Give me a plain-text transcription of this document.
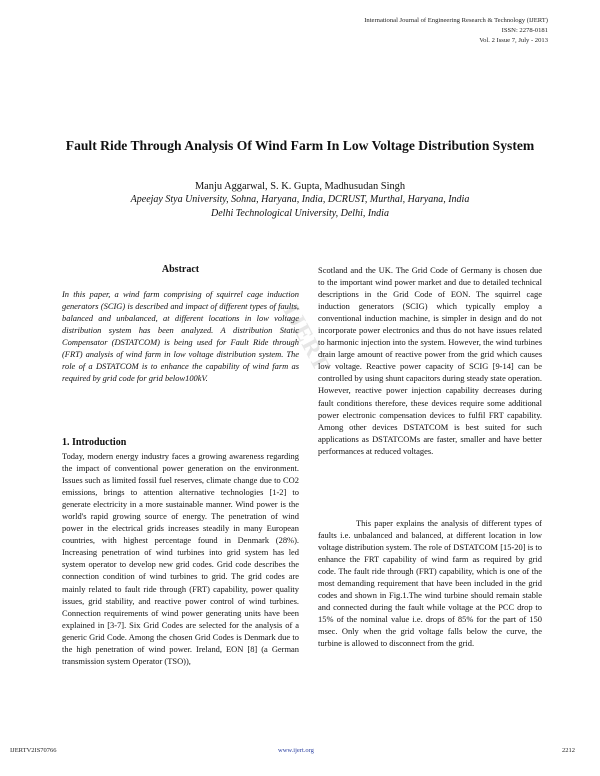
International Journal of Engineering Research & Technology (IJERT)
ISSN: 2278-0181
Vol. 2 Issue 7, July - 2013
IJERT
Fault Ride Through Analysis Of Wind Farm In Low Voltage Distribution System
Manju Aggarwal, S. K. Gupta, Madhusudan Singh
Apeejay Stya University, Sohna, Haryana, India, DCRUST, Murthal, Haryana, India
Delhi Technological University, Delhi, India
Abstract

In this paper, a wind farm comprising of squirrel cage induction generators (SCIG) is described and impact of different types of faults, balanced and unbalanced, at different locations in low voltage distribution system has been analyzed. A distribution Static Compensator (DSTATCOM) is being used for Fault Ride through (FRT) analysis of wind farm in low voltage distribution system. The role of a DSTATCOM is to enhance the capability of wind farm as required by grid code for grid below100kV.

1. Introduction

Today, modern energy industry faces a growing awareness regarding the impact of conventional power generation on the environment. Issues such as limited fossil fuel reserves, climate change due to CO2 emissions, brings to attention alternative technologies [1-2] to generate electricity in a more sustainable manner. Wind power is the world's rapid growing source of energy. The penetration of wind power in the electrical grids increases steadily in many European countries, with highest percentage found in Denmark (28%). Increasing penetration of wind turbines into grid system has led system operator to develop new grid codes. Grid code describes the connection condition of wind turbines to grid. The grid codes are mainly related to fault ride through (FRT) capability, power quality issues, grid stability, and reactive power control of wind turbines. Connection requirements of wind power generating units have been explained in [3-7]. Six Grid Codes are selected for the analysis of a generic Grid Code. Among the chosen Grid Codes is Denmark due to the high penetration of wind power. Ireland, EON [8] (a German transmission system Operator (TSO)),

Scotland and the UK. The Grid Code of Germany is chosen due to the important wind power market and due to detailed technical descriptions in the Grid Code of EON. The squirrel cage induction generators (SCIG) which typically employ a conventional induction machine, is simpler in design and do not incorporate power electronics and thus do not have issues related to harmonic injection into the system. However, the wind turbines drain large amount of reactive power from the grid which causes low voltage. Reactive power capacity of SCIG [9-14] can be controlled by using shunt capacitors during steady state operation. However, reactive power injection capability decreases during fault conditions therefore, these devices require some additional power electronic compensation devices to fulfil FRT capability. Among other devices DSTATCOM is best suited for such applications as DSTATCOMs are faster, smaller and have better performances at reduced voltages.

This paper explains the analysis of different types of faults i.e. unbalanced and balanced, at different location in low voltage distribution system. The role of DSTATCOM [15-20] is to enhance the FRT capability of wind farm as required by grid code. The fault ride through (FRT) capability, which is one of the most demanding requirement that have been included in the grid codes and shown in Fig.1.The wind turbine should remain stable and connected during the fault while voltage at the PCC drop to 15% of the nominal value i.e. drops of 85% for the part of 150 msec. Only when the grid voltage falls below the curve, the turbine is allowed to disconnect from the grid.

IJERTV2IS70766	www.ijert.org	2212
